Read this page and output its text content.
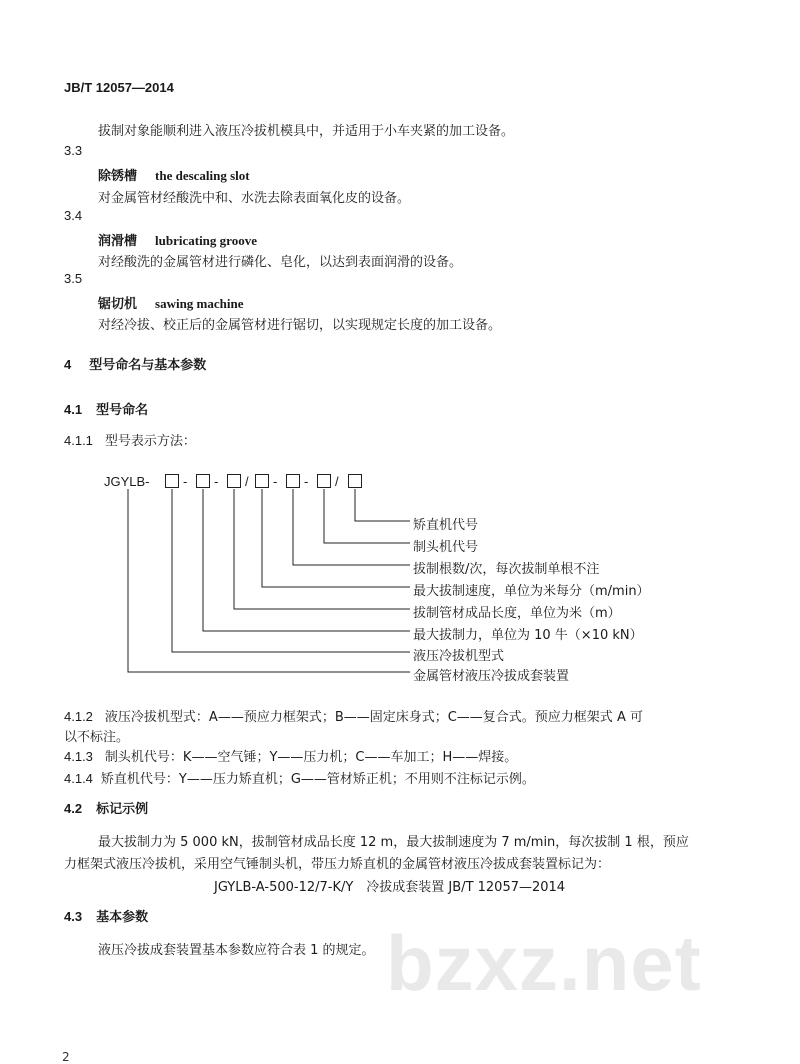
JB/T 12057—2014
拔制对象能顺利进入液压冷拔机模具中，并适用于小车夹紧的加工设备。
3.3
除锈槽 the descaling slot
对金属管材经酸洗中和、水洗去除表面氧化皮的设备。
3.4
润滑槽 lubricating groove
对经酸洗的金属管材进行磷化、皂化，以达到表面润滑的设备。
3.5
锯切机 sawing machine
对经冷拔、校正后的金属管材进行锯切，以实现规定长度的加工设备。
4 型号命名与基本参数
4.1 型号命名
4.1.1 型号表示方法：
JGYLB-	- - / - - /
矫直机代号
制头机代号
拔制根数/次，每次拔制单根不注
最大拔制速度，单位为米每分（m/min）
拔制管材成品长度，单位为米（m）
最大拔制力，单位为 10 牛（×10 kN）
液压冷拔机型式
金属管材液压冷拔成套装置
4.1.2 液压冷拔机型式：A——预应力框架式；B——固定床身式；C——复合式。预应力框架式 A 可
以不标注。
4.1.3 制头机代号：K——空气锤；Y——压力机；C——车加工；H——焊接。
4.1.4 矫直机代号：Y——压力矫直机；G——管材矫正机；不用则不注标记示例。
4.2 标记示例
最大拔制力为 5 000 kN，拔制管材成品长度 12 m，最大拔制速度为 7 m/min，每次拔制 1 根，预应
力框架式液压冷拔机，采用空气锤制头机，带压力矫直机的金属管材液压冷拔成套装置标记为：
JGYLB-A-500-12/7-K/Y　冷拔成套装置 JB/T 12057—2014
4.3 基本参数
液压冷拔成套装置基本参数应符合表 1 的规定。 bzxz.net
2
